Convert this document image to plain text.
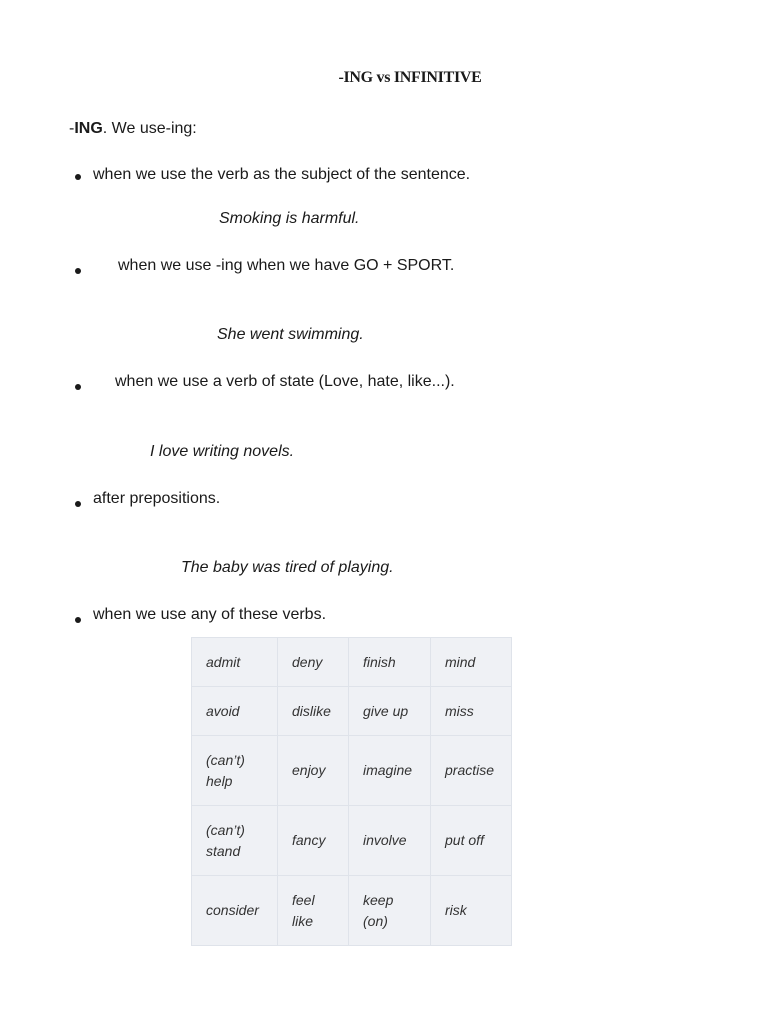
-ING vs INFINITIVE
-ING. We use-ing:
when we use the verb as the subject of the sentence.
Smoking is harmful.
when we use -ing when we have GO + SPORT.
She went swimming.
when we use a verb of state (Love, hate, like...).
I love writing novels.
after prepositions.
The baby was tired of playing.
when we use any of these verbs.
admit	deny	finish	mind
avoid	dislike	give up	miss
(can’t) help	enjoy	imagine	practise
(can’t) stand	fancy	involve	put off
consider	feel like	keep (on)	risk
